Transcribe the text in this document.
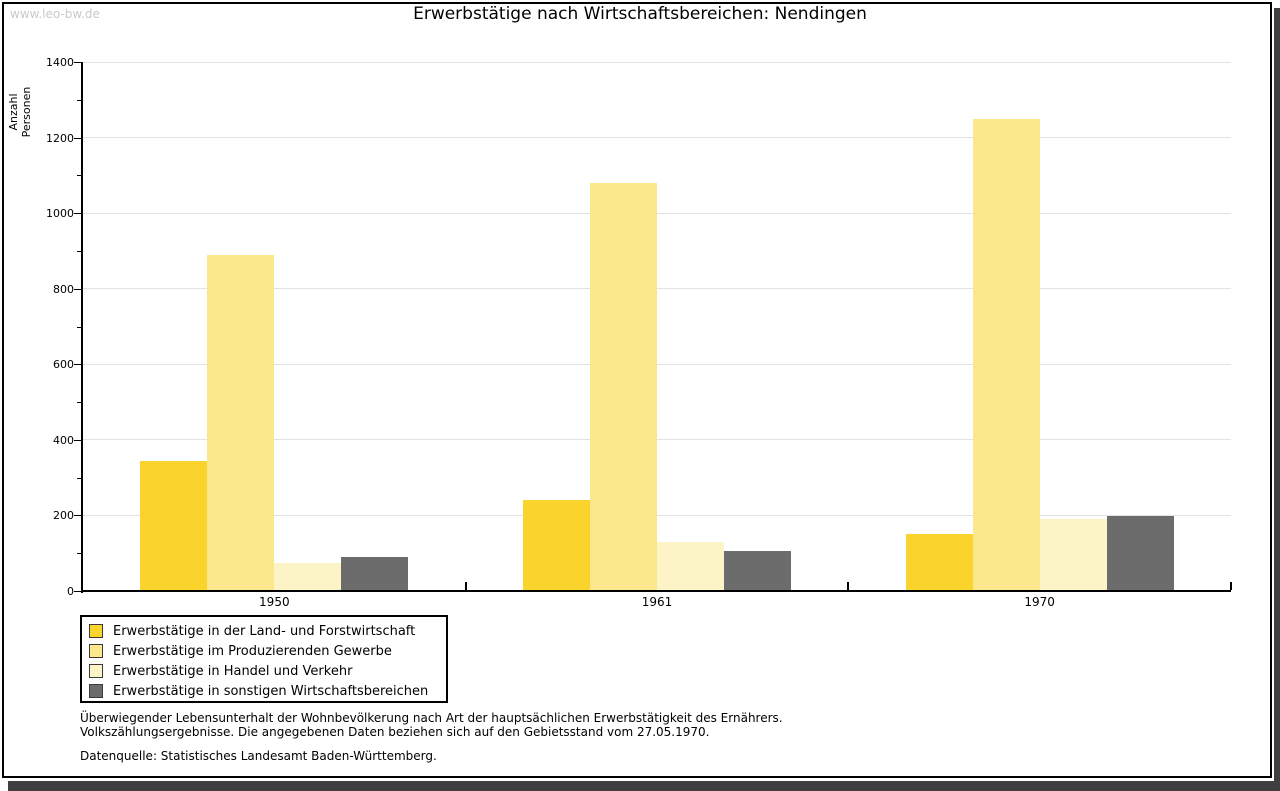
www.leo-bw.de	Erwerbstätige nach Wirtschaftsbereichen: Nendingen
Anzahl Personen
0
200
400
600
800
1000
1200
1400
1950	1961	1970
Erwerbstätige in der Land- und Forstwirtschaft
Erwerbstätige im Produzierenden Gewerbe
Erwerbstätige in Handel und Verkehr
Erwerbstätige in sonstigen Wirtschaftsbereichen
Überwiegender Lebensunterhalt der Wohnbevölkerung nach Art der hauptsächlichen Erwerbstätigkeit des Ernährers.
Volkszählungsergebnisse. Die angegebenen Daten beziehen sich auf den Gebietsstand vom 27.05.1970.
Datenquelle: Statistisches Landesamt Baden-Württemberg.
